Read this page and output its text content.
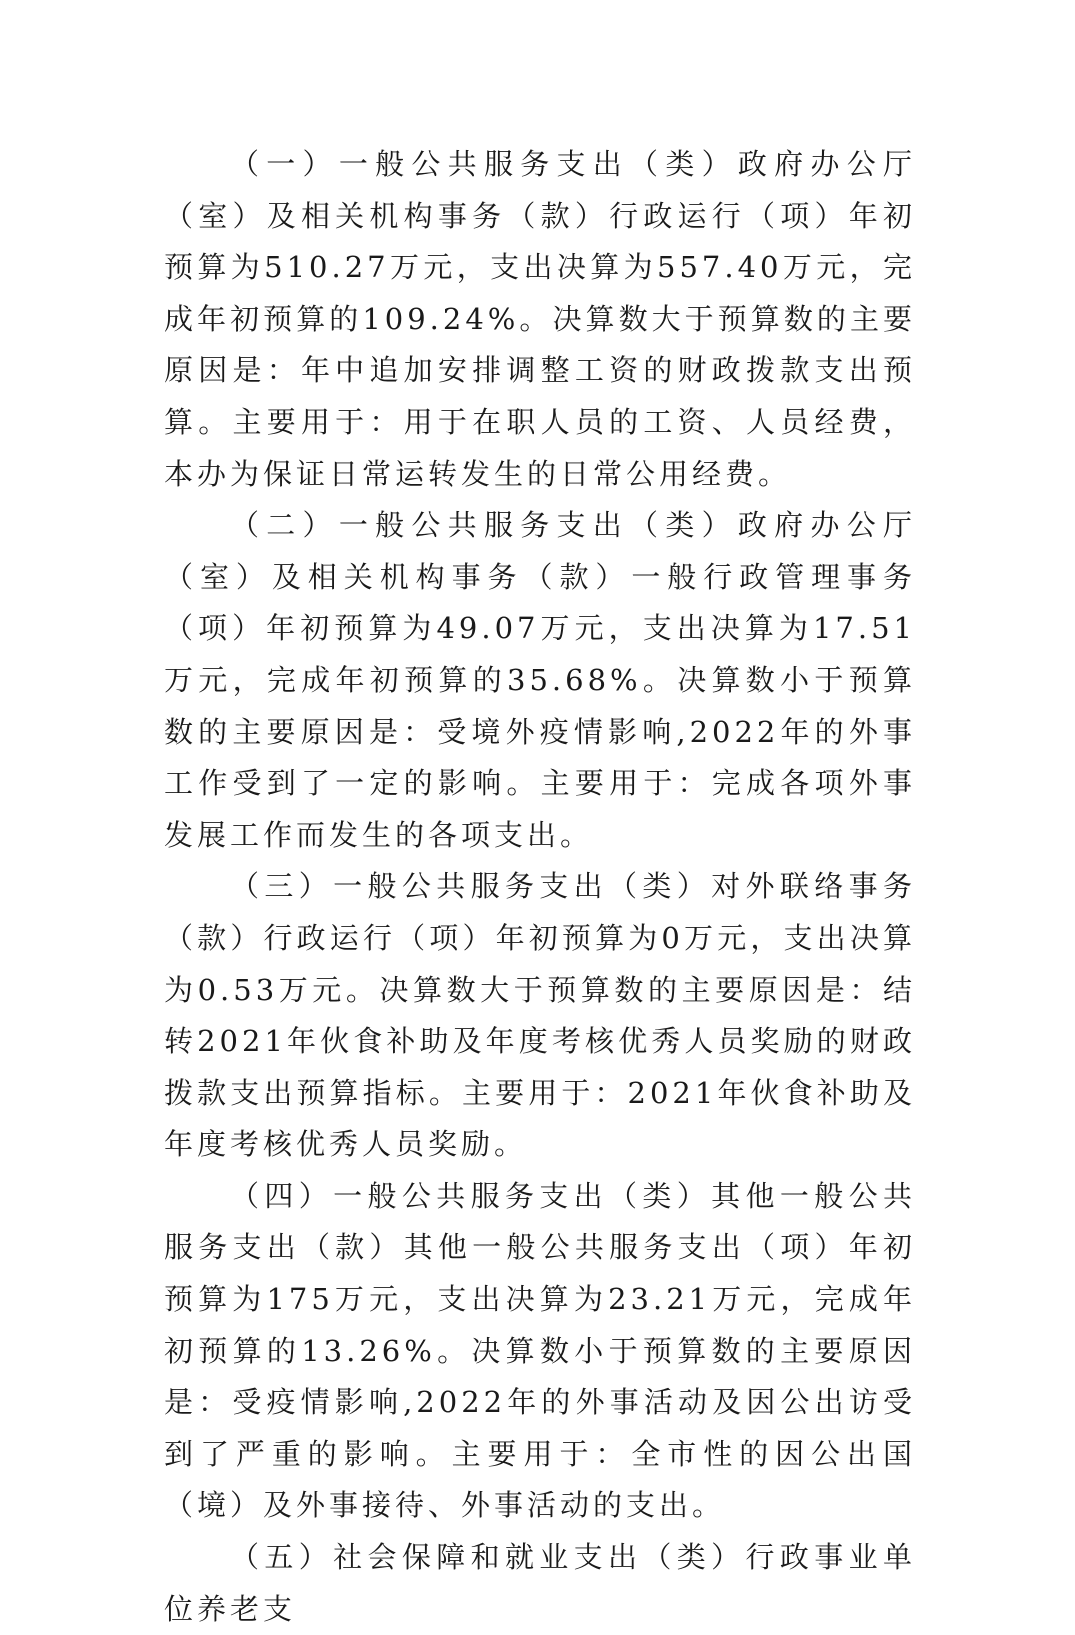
（一）一般公共服务支出（类）政府办公厅（室）及相关机构事务（款）行政运行（项）年初预算为510.27万元，支出决算为557.40万元，完成年初预算的109.24%。决算数大于预算数的主要原因是：年中追加安排调整工资的财政拨款支出预算。主要用于：用于在职人员的工资、人员经费，本办为保证日常运转发生的日常公用经费。

（二）一般公共服务支出（类）政府办公厅（室）及相关机构事务（款）一般行政管理事务（项）年初预算为49.07万元，支出决算为17.51万元，完成年初预算的35.68%。决算数小于预算数的主要原因是：受境外疫情影响,2022年的外事工作受到了一定的影响。主要用于：完成各项外事发展工作而发生的各项支出。

（三）一般公共服务支出（类）对外联络事务（款）行政运行（项）年初预算为0万元，支出决算为0.53万元。决算数大于预算数的主要原因是：结转2021年伙食补助及年度考核优秀人员奖励的财政拨款支出预算指标。主要用于：2021年伙食补助及年度考核优秀人员奖励。

（四）一般公共服务支出（类）其他一般公共服务支出（款）其他一般公共服务支出（项）年初预算为175万元，支出决算为23.21万元，完成年初预算的13.26%。决算数小于预算数的主要原因是：受疫情影响,2022年的外事活动及因公出访受到了严重的影响。主要用于：全市性的因公出国（境）及外事接待、外事活动的支出。

（五）社会保障和就业支出（类）行政事业单位养老支
